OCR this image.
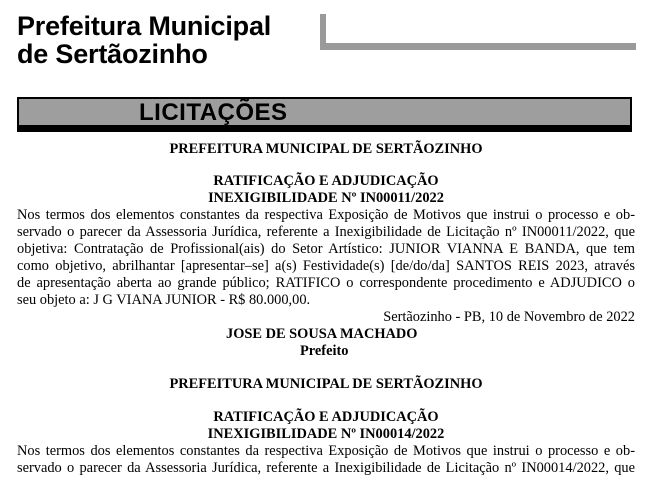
Prefeitura Municipal
de Sertãozinho
LICITAÇÕES
PREFEITURA MUNICIPAL DE SERTÃOZINHO
RATIFICAÇÃO E ADJUDICAÇÃO
INEXIGIBILIDADE Nº IN00011/2022
Nos termos dos elementos constantes da respectiva Exposição de Motivos que instrui o processo e ob-
servado o parecer da Assessoria Jurídica, referente a Inexigibilidade de Licitação nº IN00011/2022, que
objetiva: Contratação de Profissional(ais) do Setor Artístico: JUNIOR VIANNA E BANDA, que tem
como objetivo, abrilhantar [apresentar–se] a(s) Festividade(s) [de/do/da] SANTOS REIS 2023, através
de apresentação aberta ao grande público; RATIFICO o correspondente procedimento e ADJUDICO o
seu objeto a: J G VIANA JUNIOR - R$ 80.000,00.
Sertãozinho - PB, 10 de Novembro de 2022
JOSE DE SOUSA MACHADO
Prefeito
PREFEITURA MUNICIPAL DE SERTÃOZINHO
RATIFICAÇÃO E ADJUDICAÇÃO
INEXIGIBILIDADE Nº IN00014/2022
Nos termos dos elementos constantes da respectiva Exposição de Motivos que instrui o processo e ob-
servado o parecer da Assessoria Jurídica, referente a Inexigibilidade de Licitação nº IN00014/2022, que
